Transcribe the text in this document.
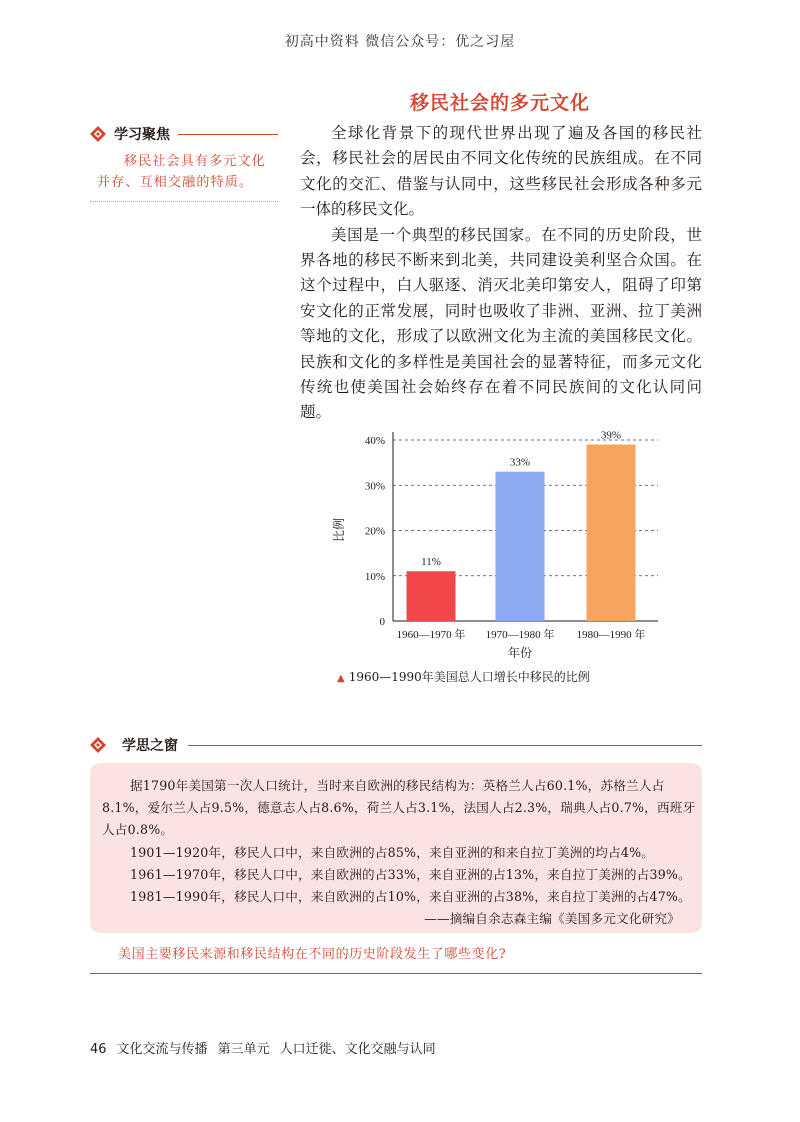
初高中资料 微信公众号：优之习屋
移民社会的多元文化
学习聚焦

移民社会具有多元文化

并存、互相交融的特质。

全球化背景下的现代世界出现了遍及各国的移民社会，移民社会的居民由不同文化传统的民族组成。在不同文化的交汇、借鉴与认同中，这些移民社会形成各种多元一体的移民文化。

美国是一个典型的移民国家。在不同的历史阶段，世界各地的移民不断来到北美，共同建设美利坚合众国。在这个过程中，白人驱逐、消灭北美印第安人，阻碍了印第安文化的正常发展，同时也吸收了非洲、亚洲、拉丁美洲等地的文化，形成了以欧洲文化为主流的美国移民文化。民族和文化的多样性是美国社会的显著特征，而多元文化传统也使美国社会始终存在着不同民族间的文化认同问题。

0
10%
20%
30%
40%
比例
11%
1960—1970 年
33%
1970—1980 年
39%
1980—1990 年
年份
▲ 1960—1990年美国总人口增长中移民的比例
学思之窗

据1790年美国第一次人口统计，当时来自欧洲的移民结构为：英格兰人占60.1%，苏格兰人占

8.1%，爱尔兰人占9.5%，德意志人占8.6%，荷兰人占3.1%，法国人占2.3%，瑞典人占0.7%，西班牙

人占0.8%。

1901—1920年，移民人口中，来自欧洲的占85%，来自亚洲的和来自拉丁美洲的均占4%。

1961—1970年，移民人口中，来自欧洲的占33%，来自亚洲的占13%，来自拉丁美洲的占39%。

1981—1990年，移民人口中，来自欧洲的占10%，来自亚洲的占38%，来自拉丁美洲的占47%。

——摘编自余志森主编《美国多元文化研究》

美国主要移民来源和移民结构在不同的历史阶段发生了哪些变化?
46 文化交流与传播 第三单元 人口迁徙、文化交融与认同
